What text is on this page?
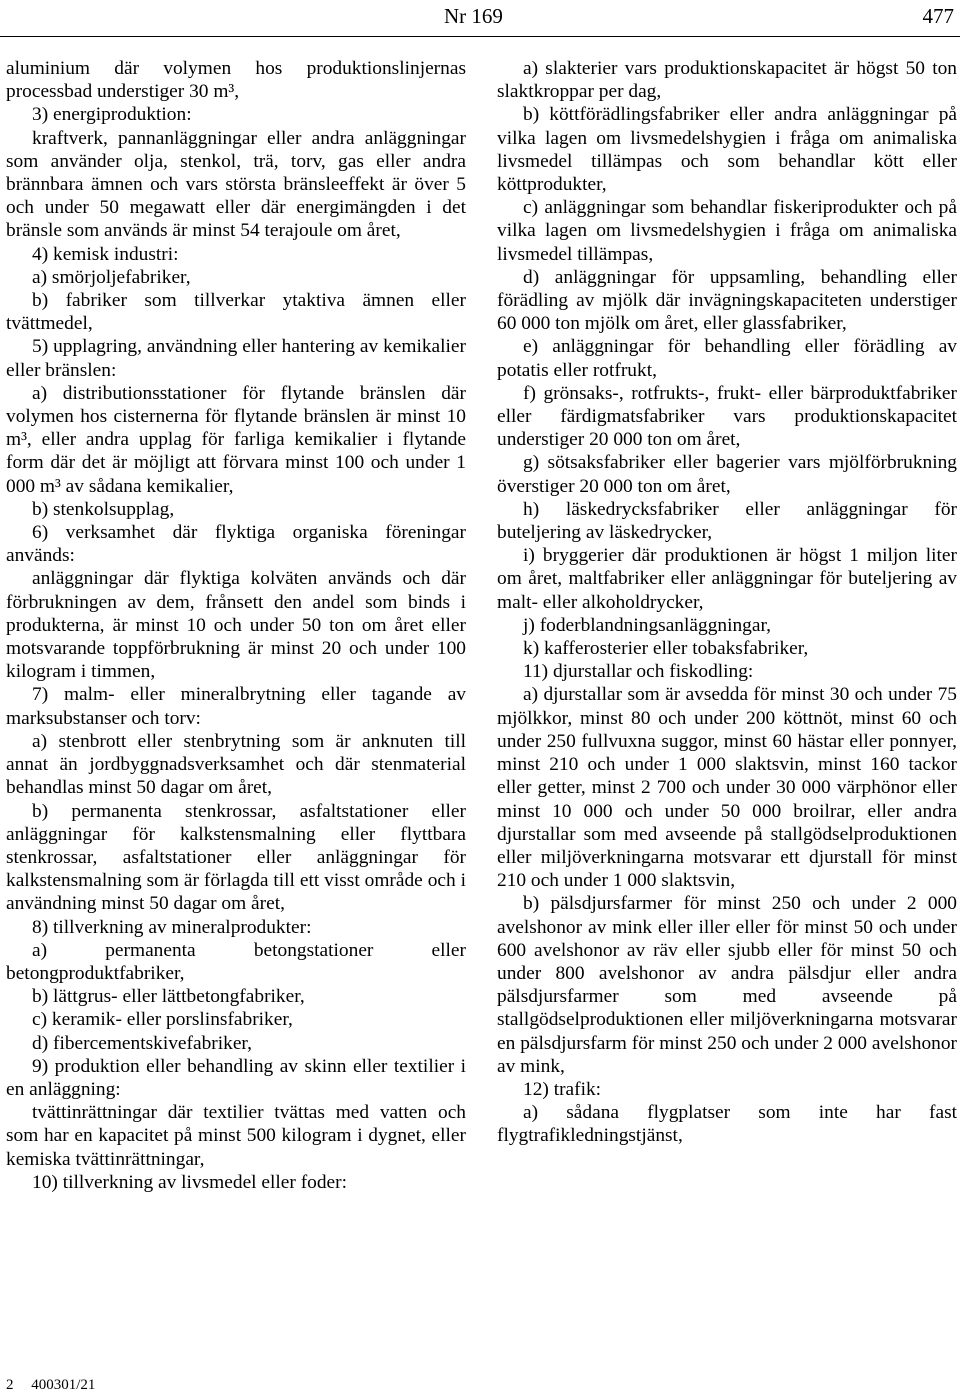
Nr 169	477

aluminium där volymen hos produktionslinjernas processbad understiger 30 m³,

3) energiproduktion:

kraftverk, pannanläggningar eller andra anläggningar som använder olja, stenkol, trä, torv, gas eller andra brännbara ämnen och vars största bränsleeffekt är över 5 och under 50 megawatt eller där energimängden i det bränsle som används är minst 54 terajoule om året,

4) kemisk industri:

a) smörjoljefabriker,

b) fabriker som tillverkar ytaktiva ämnen eller tvättmedel,

5) upplagring, användning eller hantering av kemikalier eller bränslen:

a) distributionsstationer för flytande bränslen där volymen hos cisternerna för flytande bränslen är minst 10 m³, eller andra upplag för farliga kemikalier i flytande form där det är möjligt att förvara minst 100 och under 1 000 m³ av sådana kemikalier,

b) stenkolsupplag,

6) verksamhet där flyktiga organiska föreningar används:

anläggningar där flyktiga kolväten används och där förbrukningen av dem, frånsett den andel som binds i produkterna, är minst 10 och under 50 ton om året eller motsvarande toppförbrukning är minst 20 och under 100 kilogram i timmen,

7) malm- eller mineralbrytning eller tagande av marksubstanser och torv:

a) stenbrott eller stenbrytning som är anknuten till annat än jordbyggnadsverksamhet och där stenmaterial behandlas minst 50 dagar om året,

b) permanenta stenkrossar, asfaltstationer eller anläggningar för kalkstensmalning eller flyttbara stenkrossar, asfaltstationer eller anläggningar för kalkstensmalning som är förlagda till ett visst område och i användning minst 50 dagar om året,

8) tillverkning av mineralprodukter:

a) permanenta betongstationer eller betongproduktfabriker,

b) lättgrus- eller lättbetongfabriker,

c) keramik- eller porslinsfabriker,

d) fibercementskivefabriker,

9) produktion eller behandling av skinn eller textilier i en anläggning:

tvättinrättningar där textilier tvättas med vatten och som har en kapacitet på minst 500 kilogram i dygnet, eller kemiska tvättinrättningar,

10) tillverkning av livsmedel eller foder:

a) slakterier vars produktionskapacitet är högst 50 ton slaktkroppar per dag,

b) köttförädlingsfabriker eller andra anläggningar på vilka lagen om livsmedelshygien i fråga om animaliska livsmedel tillämpas och som behandlar kött eller köttprodukter,

c) anläggningar som behandlar fiskeriprodukter och på vilka lagen om livsmedelshygien i fråga om animaliska livsmedel tillämpas,

d) anläggningar för uppsamling, behandling eller förädling av mjölk där invägningskapaciteten understiger 60 000 ton mjölk om året, eller glassfabriker,

e) anläggningar för behandling eller förädling av potatis eller rotfrukt,

f) grönsaks-, rotfrukts-, frukt- eller bärproduktfabriker eller färdigmatsfabriker vars produktionskapacitet understiger 20 000 ton om året,

g) sötsaksfabriker eller bagerier vars mjölförbrukning överstiger 20 000 ton om året,

h) läskedrycksfabriker eller anläggningar för buteljering av läskedrycker,

i) bryggerier där produktionen är högst 1 miljon liter om året, maltfabriker eller anläggningar för buteljering av malt- eller alkoholdrycker,

j) foderblandningsanläggningar,

k) kafferosterier eller tobaksfabriker,

11) djurstallar och fiskodling:

a) djurstallar som är avsedda för minst 30 och under 75 mjölkkor, minst 80 och under 200 köttnöt, minst 60 och under 250 fullvuxna suggor, minst 60 hästar eller ponnyer, minst 210 och under 1 000 slaktsvin, minst 160 tackor eller getter, minst 2 700 och under 30 000 värphönor eller minst 10 000 och under 50 000 broilrar, eller andra djurstallar som med avseende på stallgödselproduktionen eller miljöverkningarna motsvarar ett djurstall för minst 210 och under 1 000 slaktsvin,

b) pälsdjursfarmer för minst 250 och under 2 000 avelshonor av mink eller iller eller för minst 50 och under 600 avelshonor av räv eller sjubb eller för minst 50 och under 800 avelshonor av andra pälsdjur eller andra pälsdjursfarmer som med avseende på stallgödselproduktionen eller miljöverkningarna motsvarar en pälsdjursfarm för minst 250 och under 2 000 avelshonor av mink,

12) trafik:

a) sådana flygplatser som inte har fast flygtrafikledningstjänst,

2 400301/21
